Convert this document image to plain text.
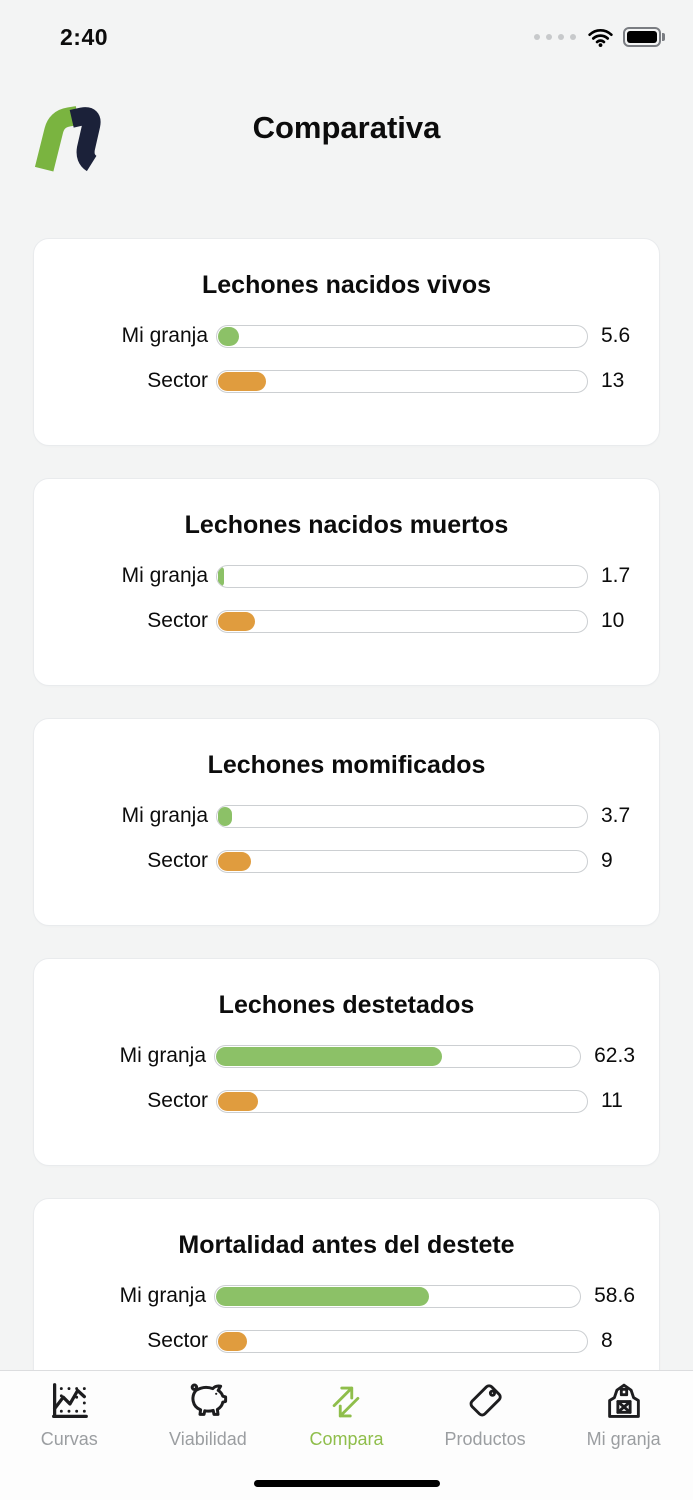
2:40
Comparativa
Lechones nacidos vivos
Mi granja	5.6
Sector	13
Lechones nacidos muertos
Mi granja	1.7
Sector	10
Lechones momificados
Mi granja	3.7
Sector	9
Lechones destetados
Mi granja	62.3
Sector	11
Mortalidad antes del destete
Mi granja	58.6
Sector	8
Curvas	Viabilidad	Compara	Productos	Mi granja
